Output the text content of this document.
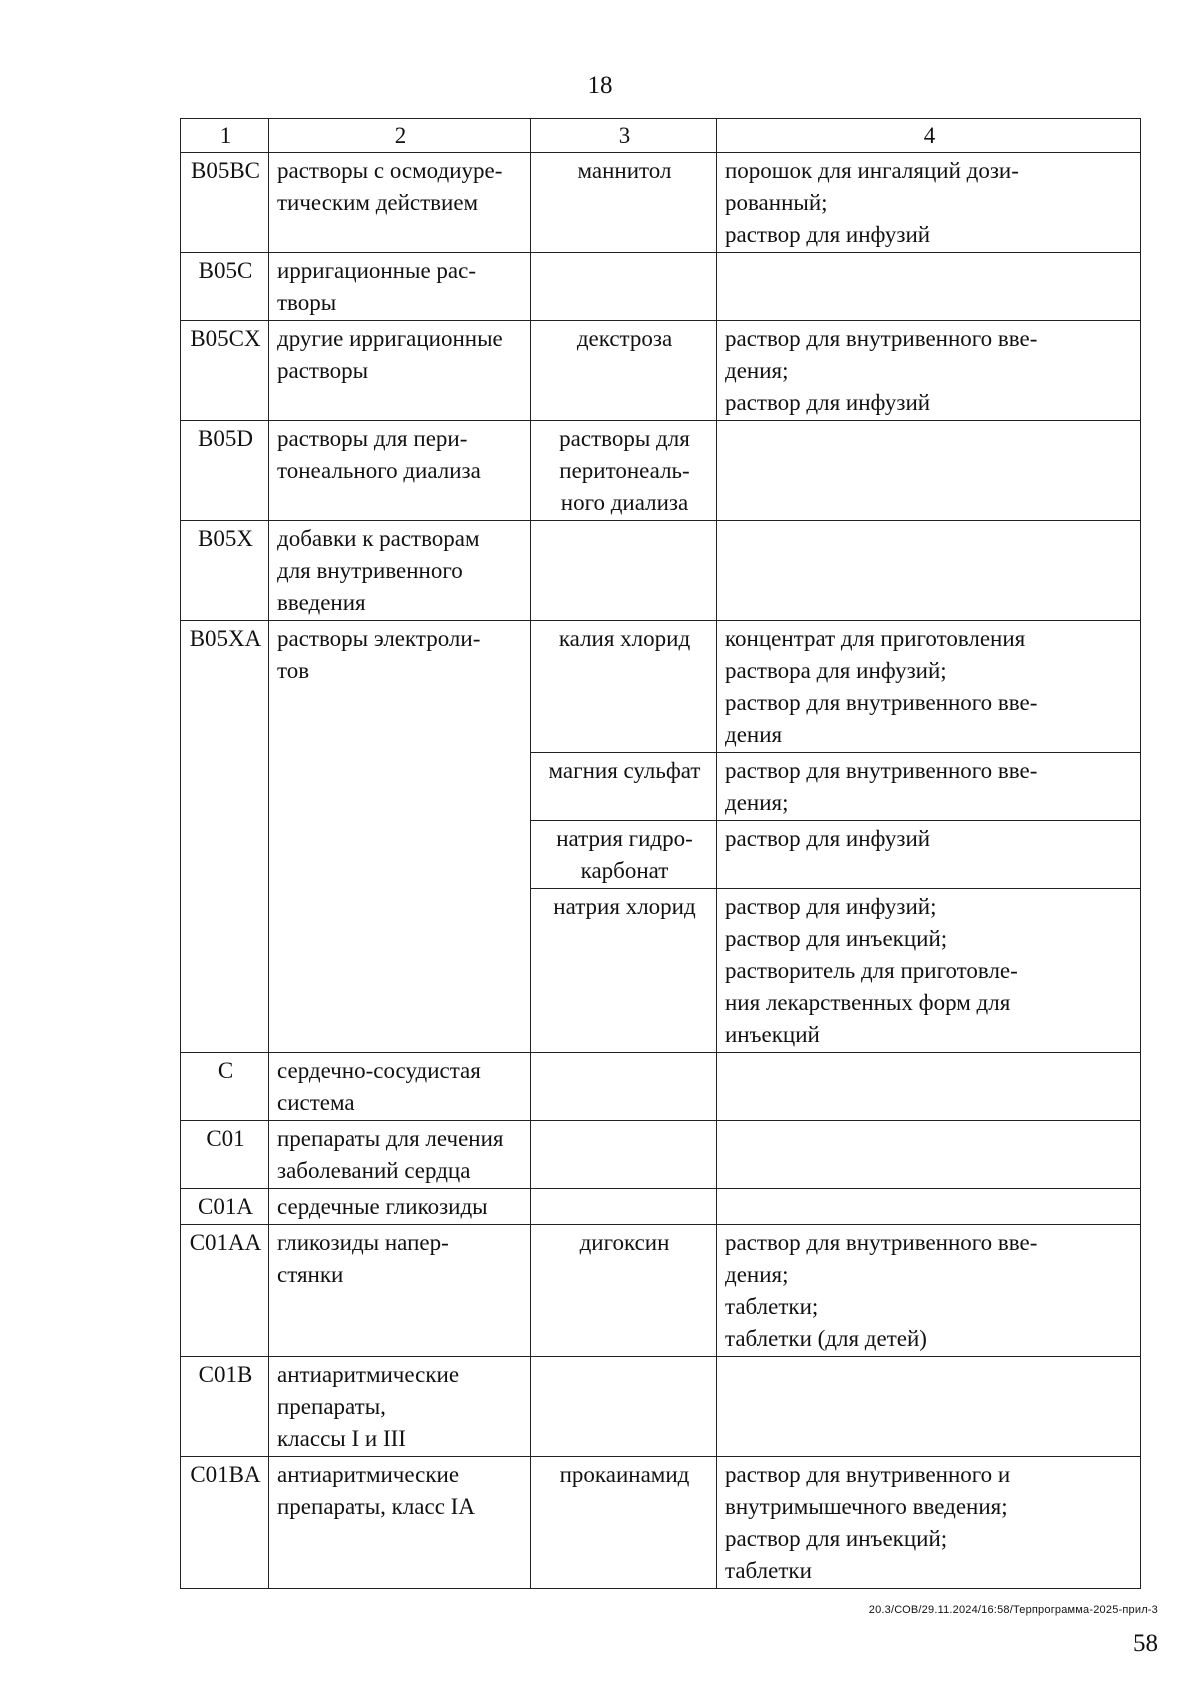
18
1	2	3	4
B05BC	растворы с осмодиуре-
тическим действием	маннитол	порошок для ингаляций дози-
рованный;
раствор для инфузий

B05C	ирригационные рас-
творы		

B05CX	другие ирригационные
растворы	декстроза	раствор для внутривенного вве-
дения;
раствор для инфузий

B05D	растворы для пери-
тонеального диализа	растворы для
перитонеаль-
ного диализа	

B05X	добавки к растворам
для внутривенного
введения		

B05XA	растворы электроли-
тов	калия хлорид	концентрат для приготовления
раствора для инфузий;
раствор для внутривенного вве-
дения

		магния сульфат	раствор для внутривенного вве-
дения;

		натрия гидро-
карбонат	раствор для инфузий

		натрия хлорид	раствор для инфузий;
раствор для инъекций;
растворитель для приготовле-
ния лекарственных форм для
инъекций

C	сердечно-сосудистая
система		

C01	препараты для лечения
заболеваний сердца		

C01A	сердечные гликозиды		

C01AA	гликозиды напер-
стянки	дигоксин	раствор для внутривенного вве-
дения;
таблетки;
таблетки (для детей)

C01B	антиаритмические
препараты,
классы I и III		

C01BA	антиаритмические
препараты, класс IA	прокаинамид	раствор для внутривенного и
внутримышечного введения;
раствор для инъекций;
таблетки
20.3/СОВ/29.11.2024/16:58/Терпрограмма-2025-прил-3
58
